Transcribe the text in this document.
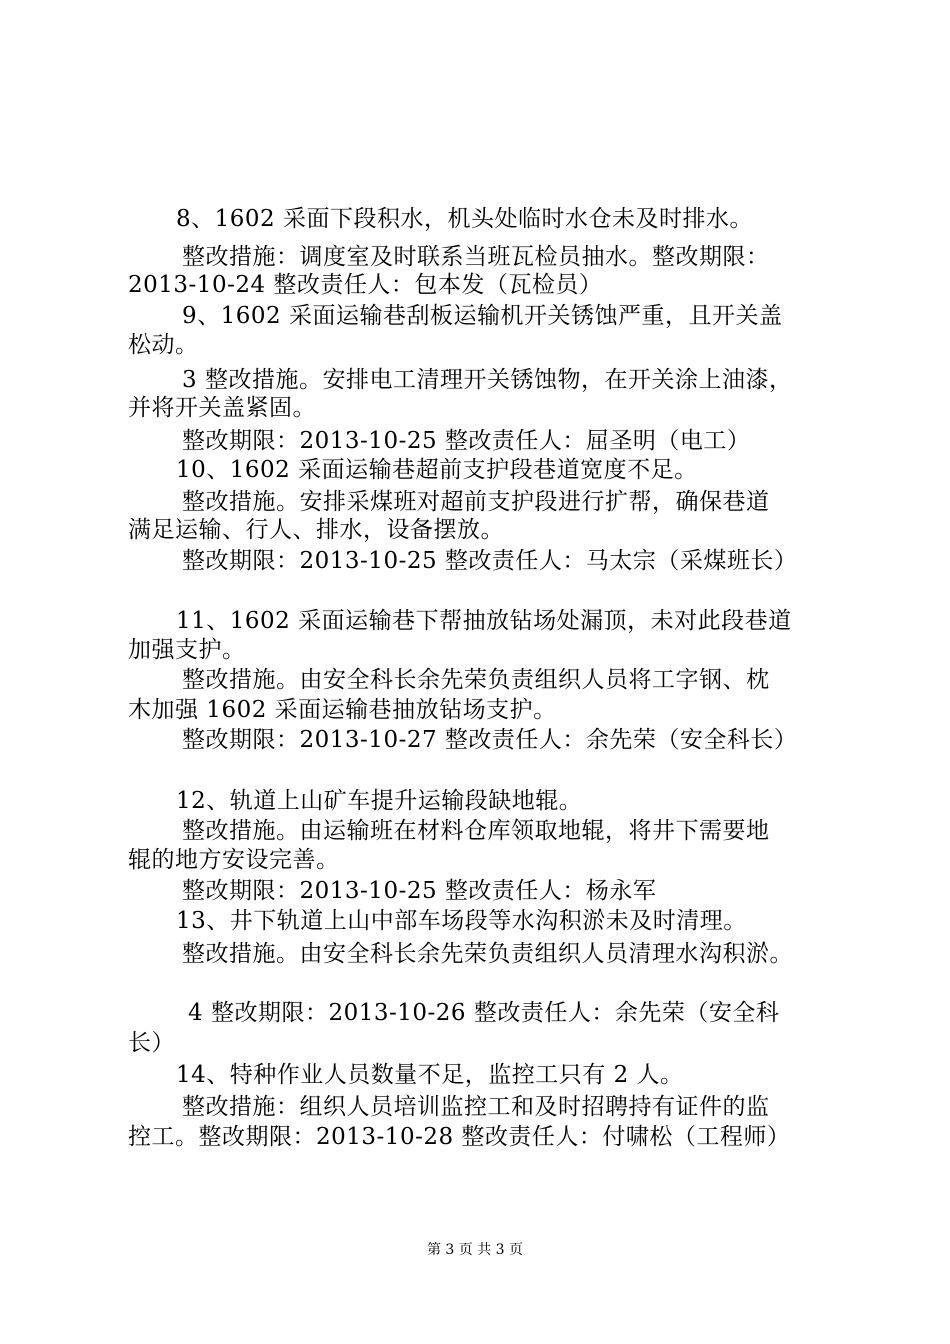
8、1602 采面下段积水，机头处临时水仓未及时排水。
整改措施：调度室及时联系当班瓦检员抽水。整改期限：
2013-10-24 整改责任人：包本发（瓦检员）
9、1602 采面运输巷刮板运输机开关锈蚀严重，且开关盖
松动。
3 整改措施。安排电工清理开关锈蚀物，在开关涂上油漆，
并将开关盖紧固。
整改期限：2013-10-25 整改责任人：屈圣明（电工）
10、1602 采面运输巷超前支护段巷道宽度不足。
整改措施。安排采煤班对超前支护段进行扩帮，确保巷道
满足运输、行人、排水，设备摆放。
整改期限：2013-10-25 整改责任人：马太宗（采煤班长）
11、1602 采面运输巷下帮抽放钻场处漏顶，未对此段巷道
加强支护。
整改措施。由安全科长余先荣负责组织人员将工字钢、枕
木加强 1602 采面运输巷抽放钻场支护。
整改期限：2013-10-27 整改责任人：余先荣（安全科长）
12、轨道上山矿车提升运输段缺地辊。
整改措施。由运输班在材料仓库领取地辊，将井下需要地
辊的地方安设完善。
整改期限：2013-10-25 整改责任人：杨永军
13、井下轨道上山中部车场段等水沟积淤未及时清理。
整改措施。由安全科长余先荣负责组织人员清理水沟积淤。
4 整改期限：2013-10-26 整改责任人：余先荣（安全科
长）
14、特种作业人员数量不足，监控工只有 2 人。
整改措施：组织人员培训监控工和及时招聘持有证件的监
控工。整改期限：2013-10-28 整改责任人：付啸松（工程师）
第 3 页 共 3 页
